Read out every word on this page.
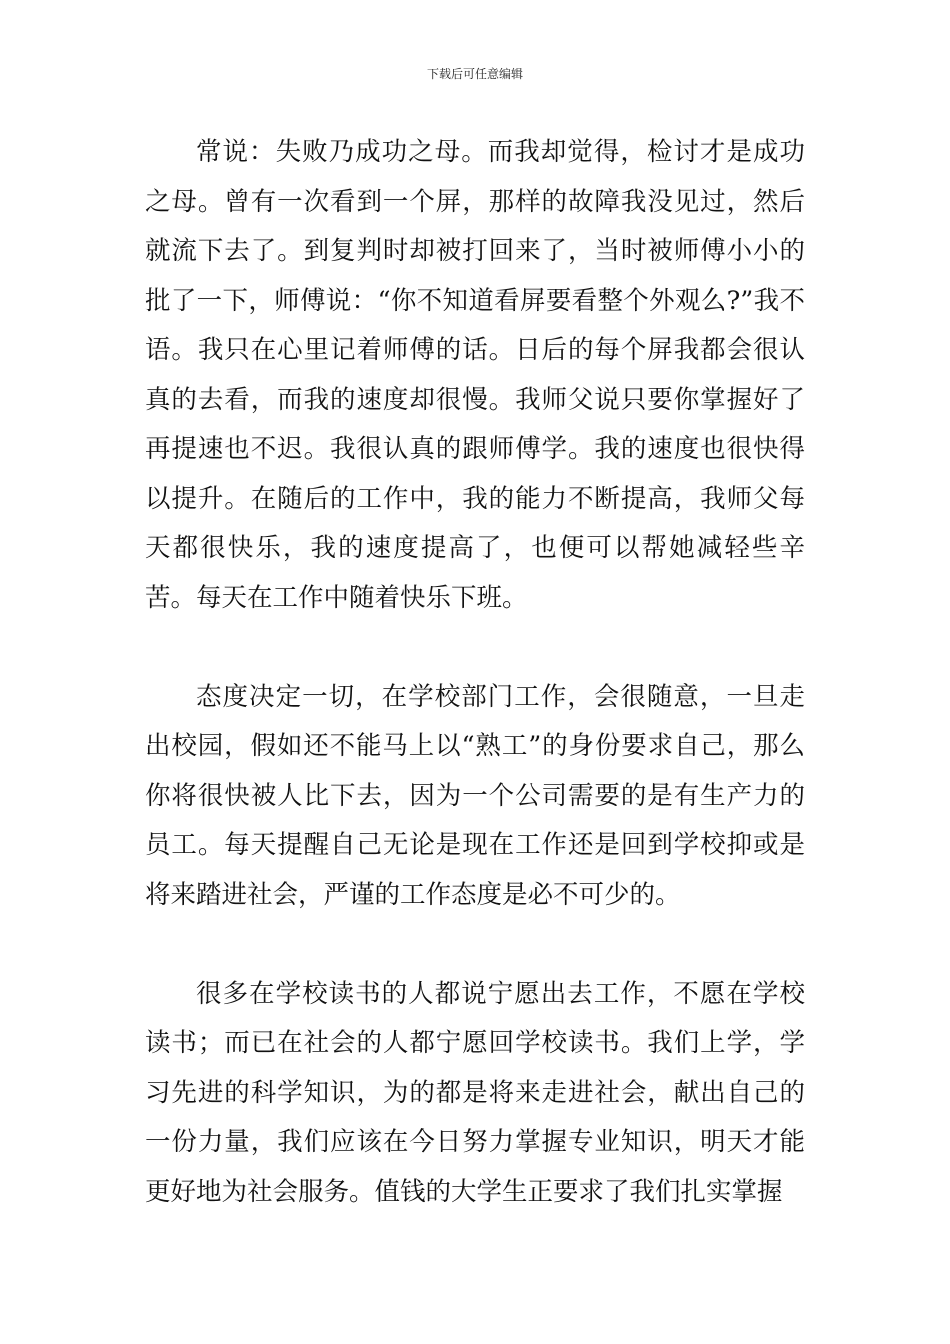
下载后可任意编辑

常说：失败乃成功之母。而我却觉得，检讨才是成功之母。曾有一次看到一个屏，那样的故障我没见过，然后就流下去了。到复判时却被打回来了，当时被师傅小小的批了一下，师傅说：“你不知道看屏要看整个外观么?”我不语。我只在心里记着师傅的话。日后的每个屏我都会很认真的去看，而我的速度却很慢。我师父说只要你掌握好了再提速也不迟。我很认真的跟师傅学。我的速度也很快得以提升。在随后的工作中，我的能力不断提高，我师父每天都很快乐，我的速度提高了，也便可以帮她减轻些辛苦。每天在工作中随着快乐下班。

态度决定一切，在学校部门工作，会很随意，一旦走出校园，假如还不能马上以“熟工”的身份要求自己，那么你将很快被人比下去，因为一个公司需要的是有生产力的员工。每天提醒自己无论是现在工作还是回到学校抑或是将来踏进社会，严谨的工作态度是必不可少的。

很多在学校读书的人都说宁愿出去工作，不愿在学校读书；而已在社会的人都宁愿回学校读书。我们上学，学习先进的科学知识，为的都是将来走进社会，献出自己的一份力量，我们应该在今日努力掌握专业知识，明天才能更好地为社会服务。值钱的大学生正要求了我们扎实掌握
